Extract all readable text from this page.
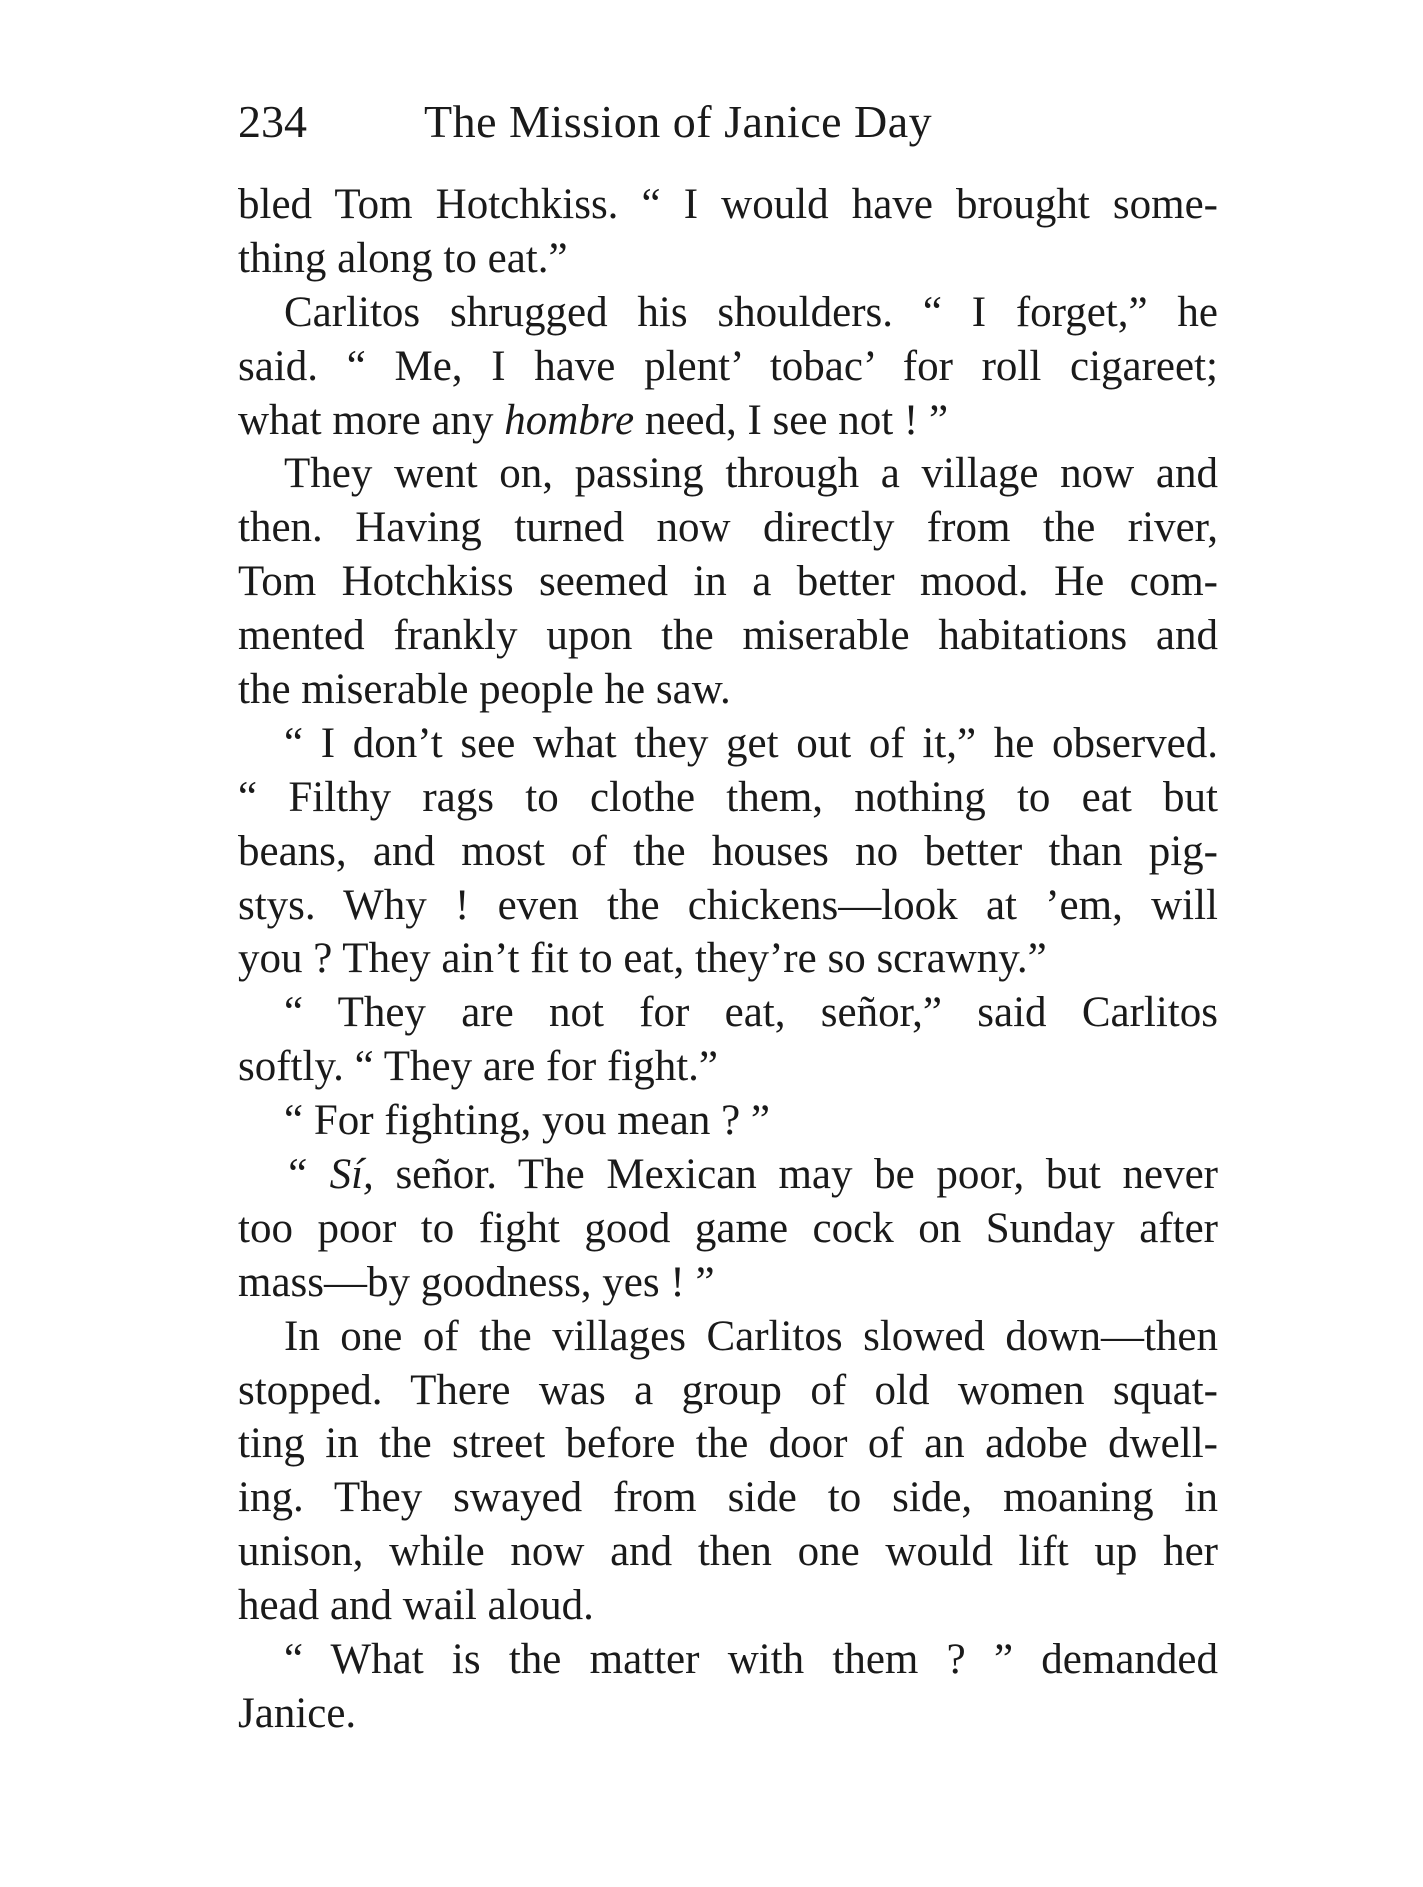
234	The Mission of Janice Day
bled Tom Hotchkiss. “ I would have brought some-
thing along to eat.”
Carlitos shrugged his shoulders. “ I forget,” he
said. “ Me, I have plent’ tobac’ for roll cigareet;
what more any hombre need, I see not ! ”
They went on, passing through a village now and
then. Having turned now directly from the river,
Tom Hotchkiss seemed in a better mood. He com-
mented frankly upon the miserable habitations and
the miserable people he saw.
“ I don’t see what they get out of it,” he observed.
“ Filthy rags to clothe them, nothing to eat but
beans, and most of the houses no better than pig-
stys. Why ! even the chickens—look at ’em, will
you ? They ain’t fit to eat, they’re so scrawny.”
“ They are not for eat, señor,” said Carlitos
softly. “ They are for fight.”
“ For fighting, you mean ? ”
“ Sí, señor. The Mexican may be poor, but never
too poor to fight good game cock on Sunday after
mass—by goodness, yes ! ”
In one of the villages Carlitos slowed down—then
stopped. There was a group of old women squat-
ting in the street before the door of an adobe dwell-
ing. They swayed from side to side, moaning in
unison, while now and then one would lift up her
head and wail aloud.
“ What is the matter with them ? ” demanded
Janice.
